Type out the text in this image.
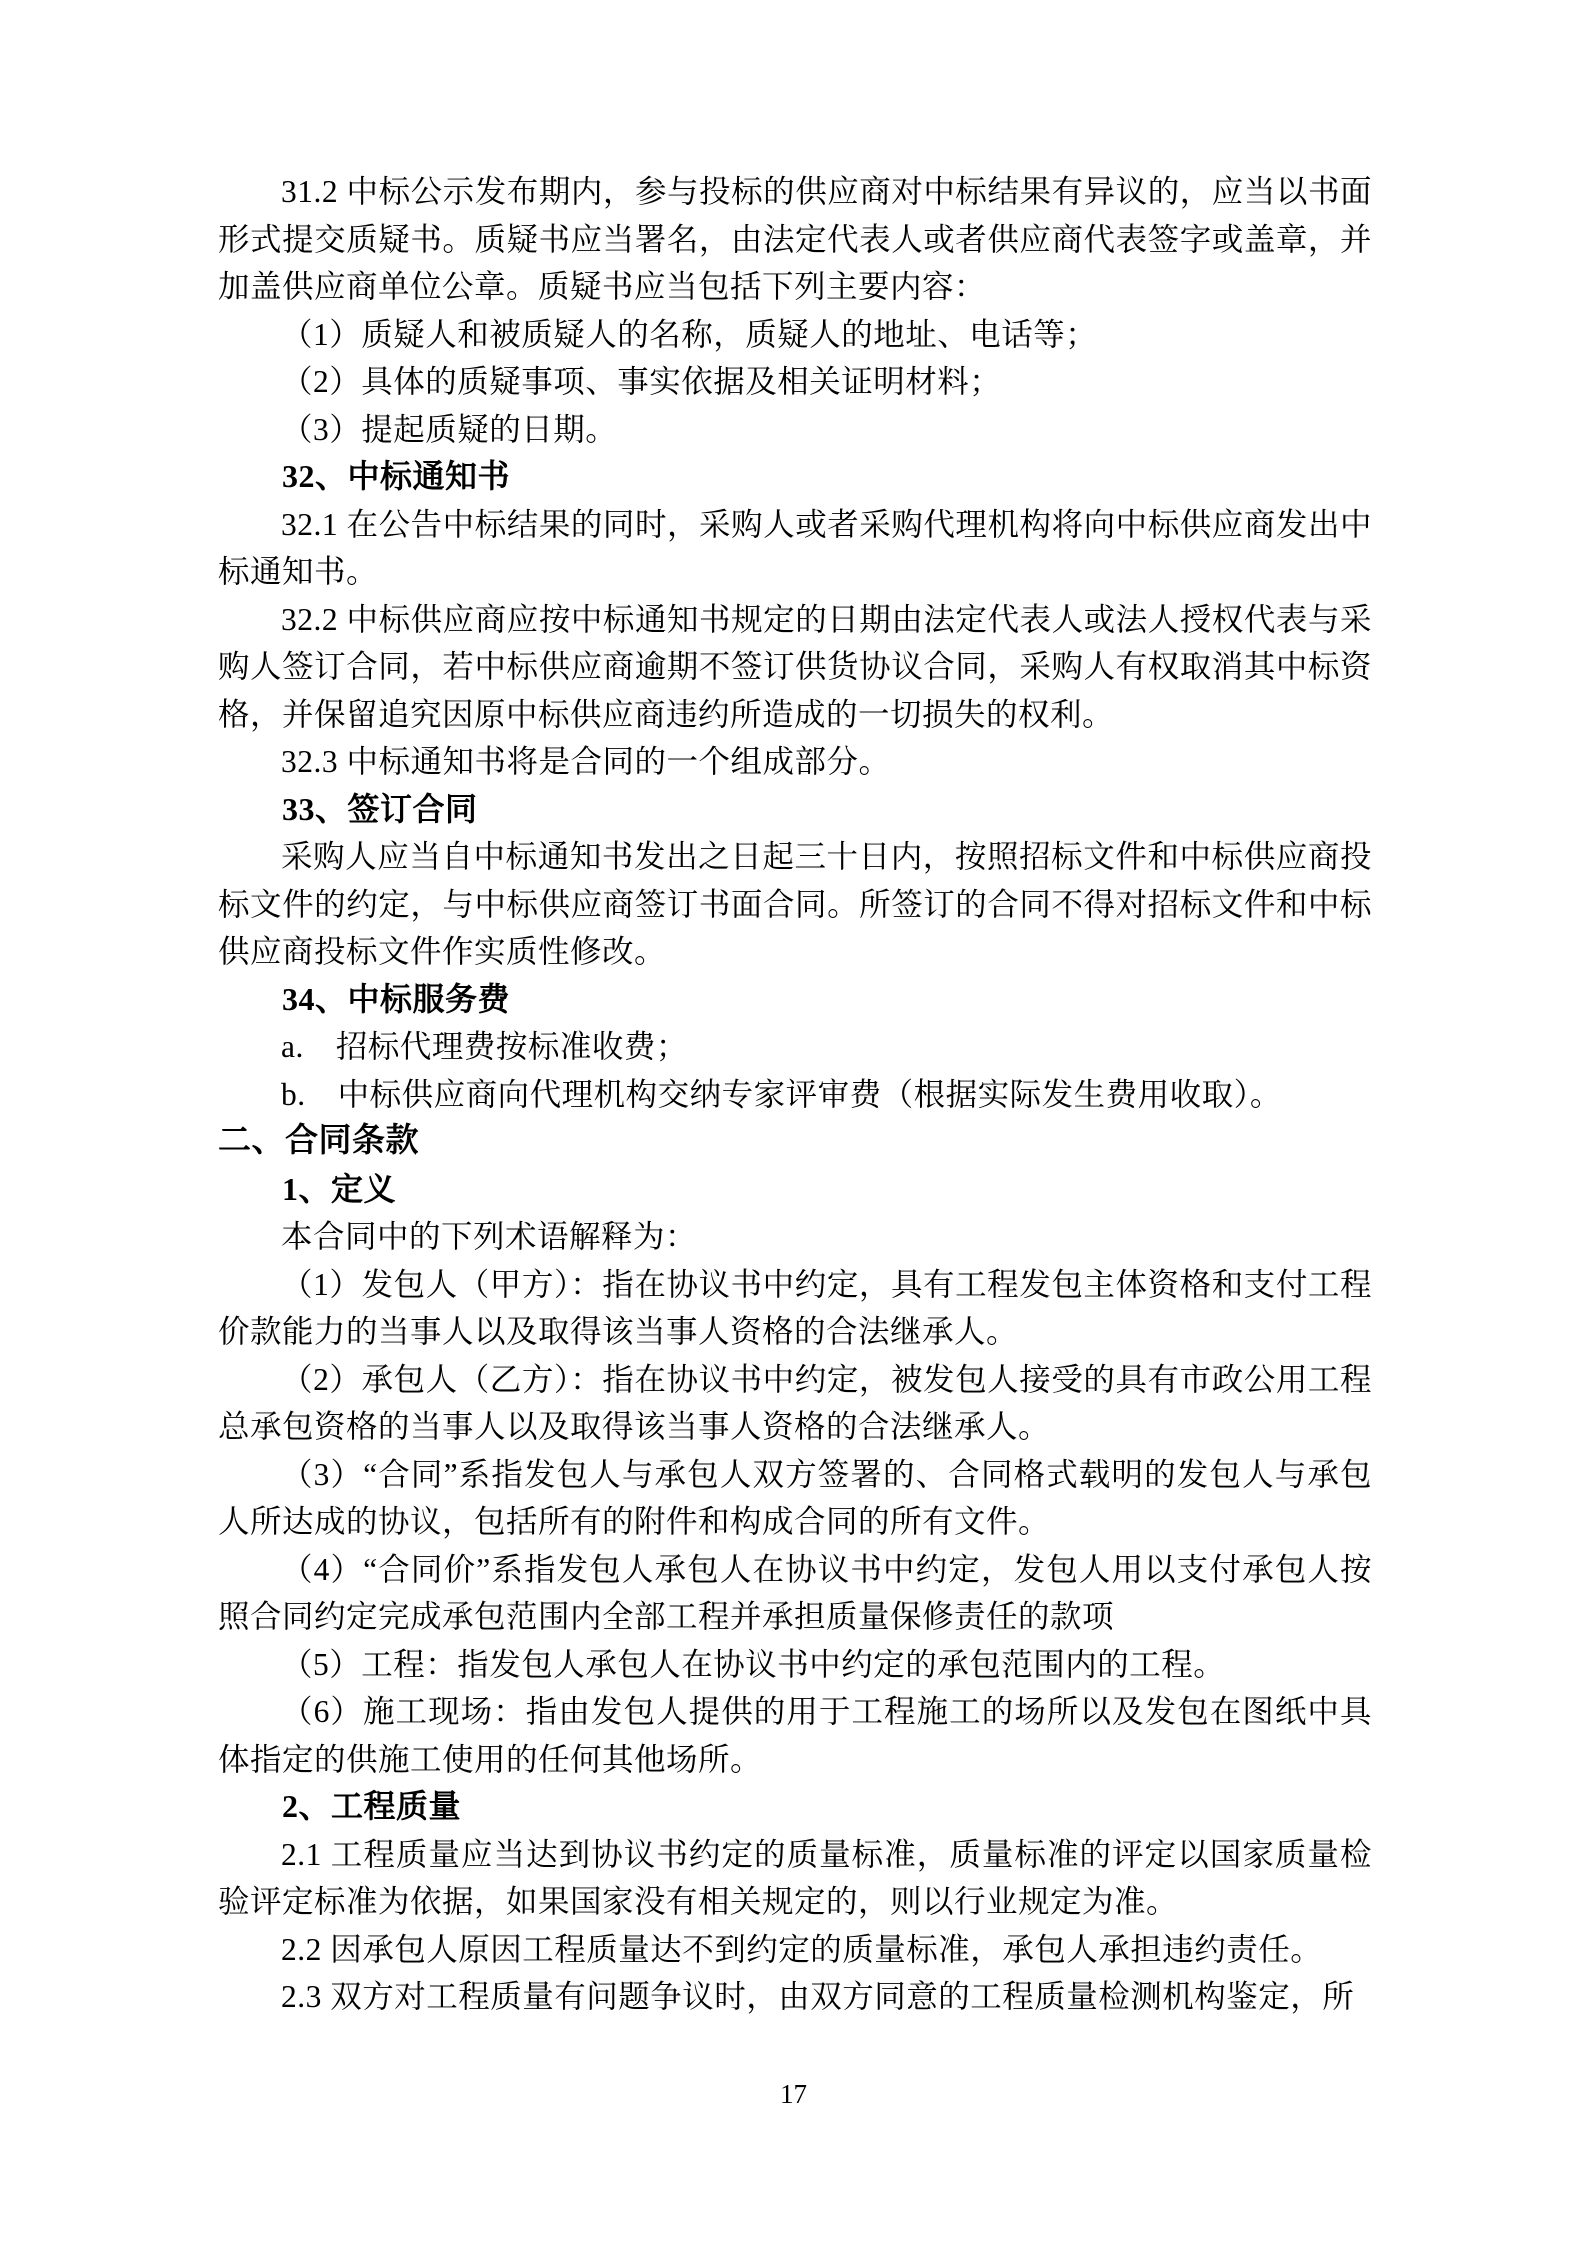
31.2 中标公示发布期内，参与投标的供应商对中标结果有异议的，应当以书面形式提交质疑书。质疑书应当署名，由法定代表人或者供应商代表签字或盖章，并加盖供应商单位公章。质疑书应当包括下列主要内容：

（1）质疑人和被质疑人的名称，质疑人的地址、电话等；

（2）具体的质疑事项、事实依据及相关证明材料；

（3）提起质疑的日期。

32、中标通知书

32.1 在公告中标结果的同时，采购人或者采购代理机构将向中标供应商发出中标通知书。

32.2 中标供应商应按中标通知书规定的日期由法定代表人或法人授权代表与采购人签订合同，若中标供应商逾期不签订供货协议合同，采购人有权取消其中标资格，并保留追究因原中标供应商违约所造成的一切损失的权利。

32.3 中标通知书将是合同的一个组成部分。

33、签订合同

采购人应当自中标通知书发出之日起三十日内，按照招标文件和中标供应商投标文件的约定，与中标供应商签订书面合同。所签订的合同不得对招标文件和中标供应商投标文件作实质性修改。

34、中标服务费

a.　招标代理费按标准收费；

b.　中标供应商向代理机构交纳专家评审费（根据实际发生费用收取）。

二、合同条款

1、定义

本合同中的下列术语解释为：

（1）发包人（甲方）：指在协议书中约定，具有工程发包主体资格和支付工程价款能力的当事人以及取得该当事人资格的合法继承人。

（2）承包人（乙方）：指在协议书中约定，被发包人接受的具有市政公用工程总承包资格的当事人以及取得该当事人资格的合法继承人。

（3）“合同”系指发包人与承包人双方签署的、合同格式载明的发包人与承包人所达成的协议，包括所有的附件和构成合同的所有文件。

（4）“合同价”系指发包人承包人在协议书中约定，发包人用以支付承包人按照合同约定完成承包范围内全部工程并承担质量保修责任的款项

（5）工程：指发包人承包人在协议书中约定的承包范围内的工程。

（6）施工现场：指由发包人提供的用于工程施工的场所以及发包在图纸中具体指定的供施工使用的任何其他场所。

2、工程质量

2.1 工程质量应当达到协议书约定的质量标准，质量标准的评定以国家质量检验评定标准为依据，如果国家没有相关规定的，则以行业规定为准。

2.2 因承包人原因工程质量达不到约定的质量标准，承包人承担违约责任。

2.3 双方对工程质量有问题争议时，由双方同意的工程质量检测机构鉴定，所

17
